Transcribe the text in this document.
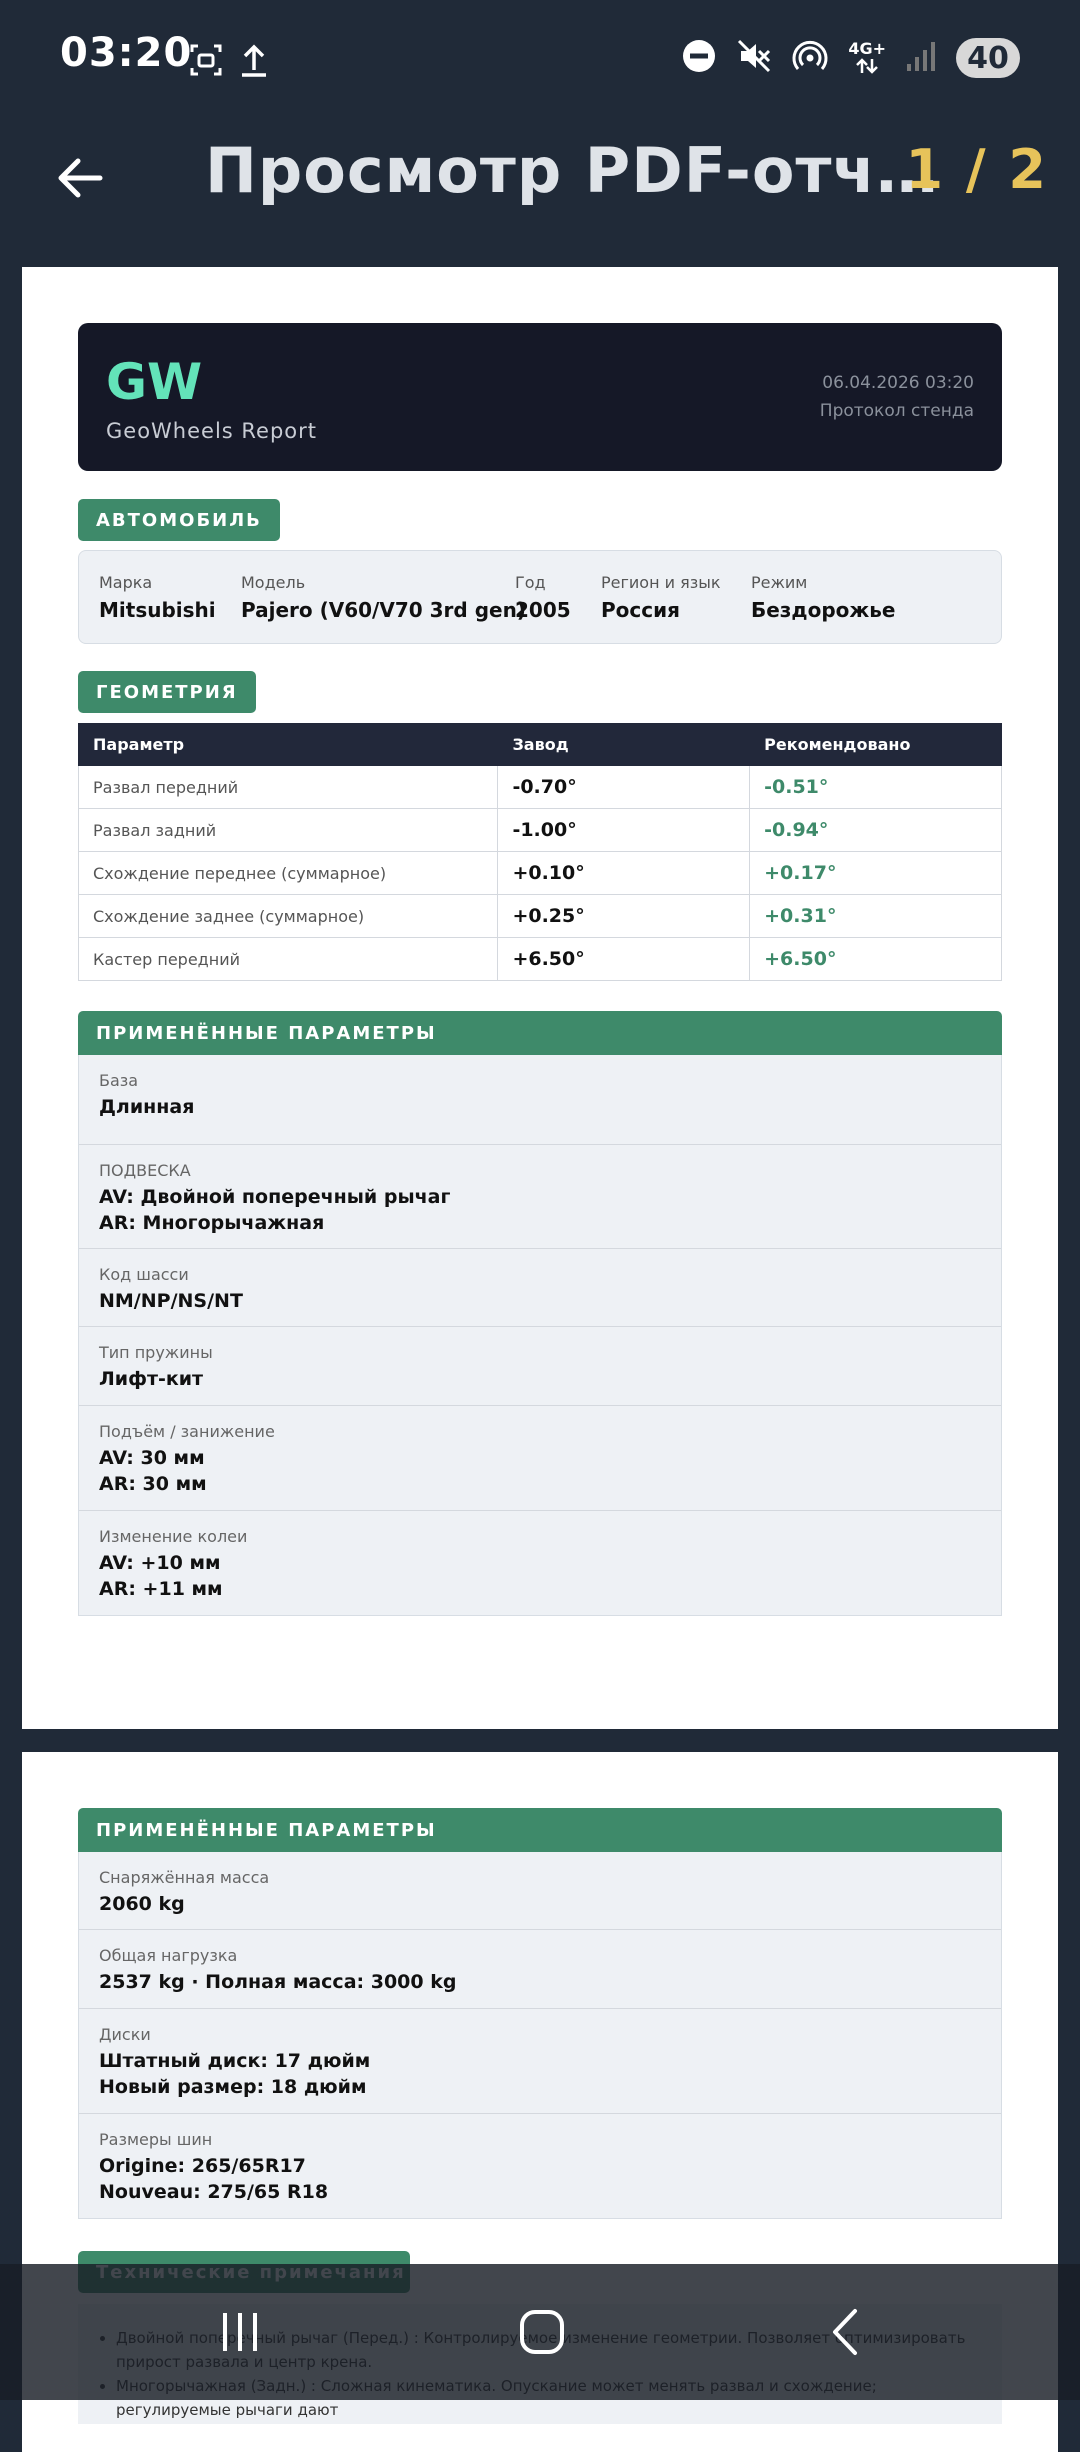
03:20	4G+	40
Просмотр PDF-отч…
1 / 2
GW
GeoWheels Report
06.04.2026 03:20
Протокол стенда
АВТОМОБИЛЬ
Марка
Mitsubishi
Модель
Pajero (V60/V70 3rd gen)
Год
2005
Регион и язык
Россия
Режим
Бездорожье
ГЕОМЕТРИЯ
Параметр	Завод	Рекомендовано
Развал передний	-0.70°	-0.51°
Развал задний	-1.00°	-0.94°
Схождение переднее (суммарное)	+0.10°	+0.17°
Схождение заднее (суммарное)	+0.25°	+0.31°
Кастер передний	+6.50°	+6.50°
ПРИМЕНЁННЫЕ ПАРАМЕТРЫ
База
Длинная
ПОДВЕСКА
AV: Двойной поперечный рычаг
AR: Многорычажная
Код шасси
NM/NP/NS/NT
Тип пружины
Лифт-кит
Подъём / занижение
AV: 30 мм
AR: 30 мм
Изменение колеи
AV: +10 мм
AR: +11 мм
ПРИМЕНЁННЫЕ ПАРАМЕТРЫ
Снаряжённая масса
2060 kg
Общая нагрузка
2537 kg · Полная масса: 3000 kg
Диски
Штатный диск: 17 дюйм
Новый размер: 18 дюйм
Размеры шин
Origine: 265/65R17
Nouveau: 275/65 R18
•
• регулируемые рычаги дают
